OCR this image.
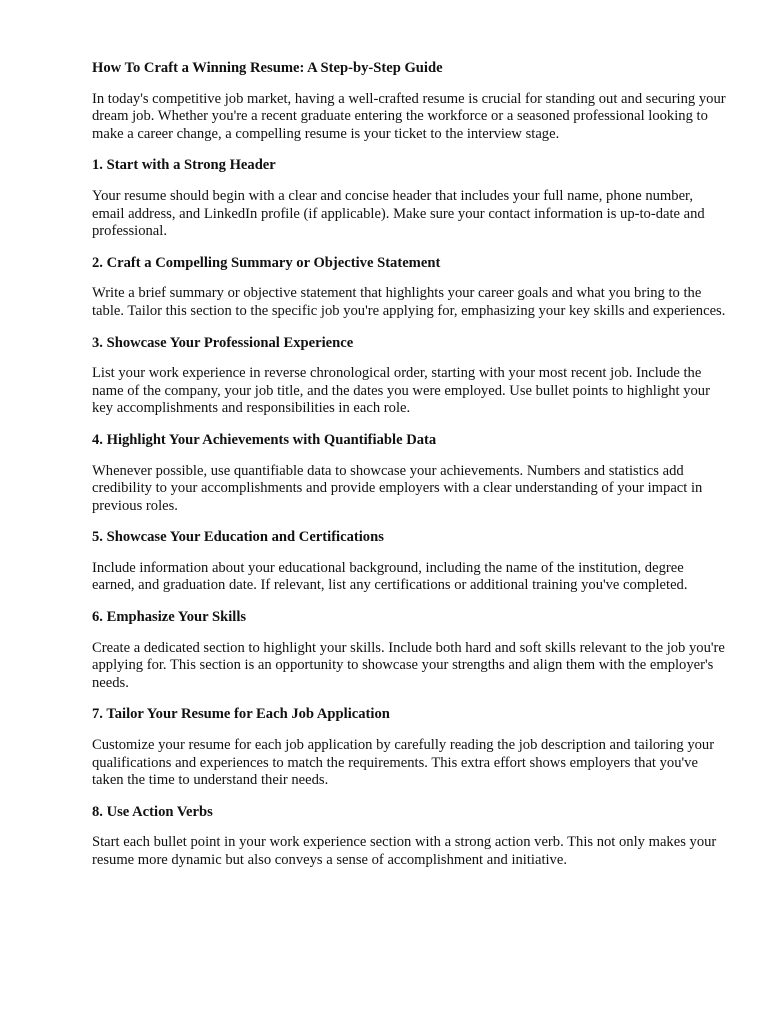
How To Craft a Winning Resume: A Step-by-Step Guide
In today's competitive job market, having a well-crafted resume is crucial for standing out and securing your dream job. Whether you're a recent graduate entering the workforce or a seasoned professional looking to make a career change, a compelling resume is your ticket to the interview stage.
1. Start with a Strong Header
Your resume should begin with a clear and concise header that includes your full name, phone number, email address, and LinkedIn profile (if applicable). Make sure your contact information is up-to-date and professional.
2. Craft a Compelling Summary or Objective Statement
Write a brief summary or objective statement that highlights your career goals and what you bring to the table. Tailor this section to the specific job you're applying for, emphasizing your key skills and experiences.
3. Showcase Your Professional Experience
List your work experience in reverse chronological order, starting with your most recent job. Include the name of the company, your job title, and the dates you were employed. Use bullet points to highlight your key accomplishments and responsibilities in each role.
4. Highlight Your Achievements with Quantifiable Data
Whenever possible, use quantifiable data to showcase your achievements. Numbers and statistics add credibility to your accomplishments and provide employers with a clear understanding of your impact in previous roles.
5. Showcase Your Education and Certifications
Include information about your educational background, including the name of the institution, degree earned, and graduation date. If relevant, list any certifications or additional training you've completed.
6. Emphasize Your Skills
Create a dedicated section to highlight your skills. Include both hard and soft skills relevant to the job you're applying for. This section is an opportunity to showcase your strengths and align them with the employer's needs.
7. Tailor Your Resume for Each Job Application
Customize your resume for each job application by carefully reading the job description and tailoring your qualifications and experiences to match the requirements. This extra effort shows employers that you've taken the time to understand their needs.
8. Use Action Verbs
Start each bullet point in your work experience section with a strong action verb. This not only makes your resume more dynamic but also conveys a sense of accomplishment and initiative.
